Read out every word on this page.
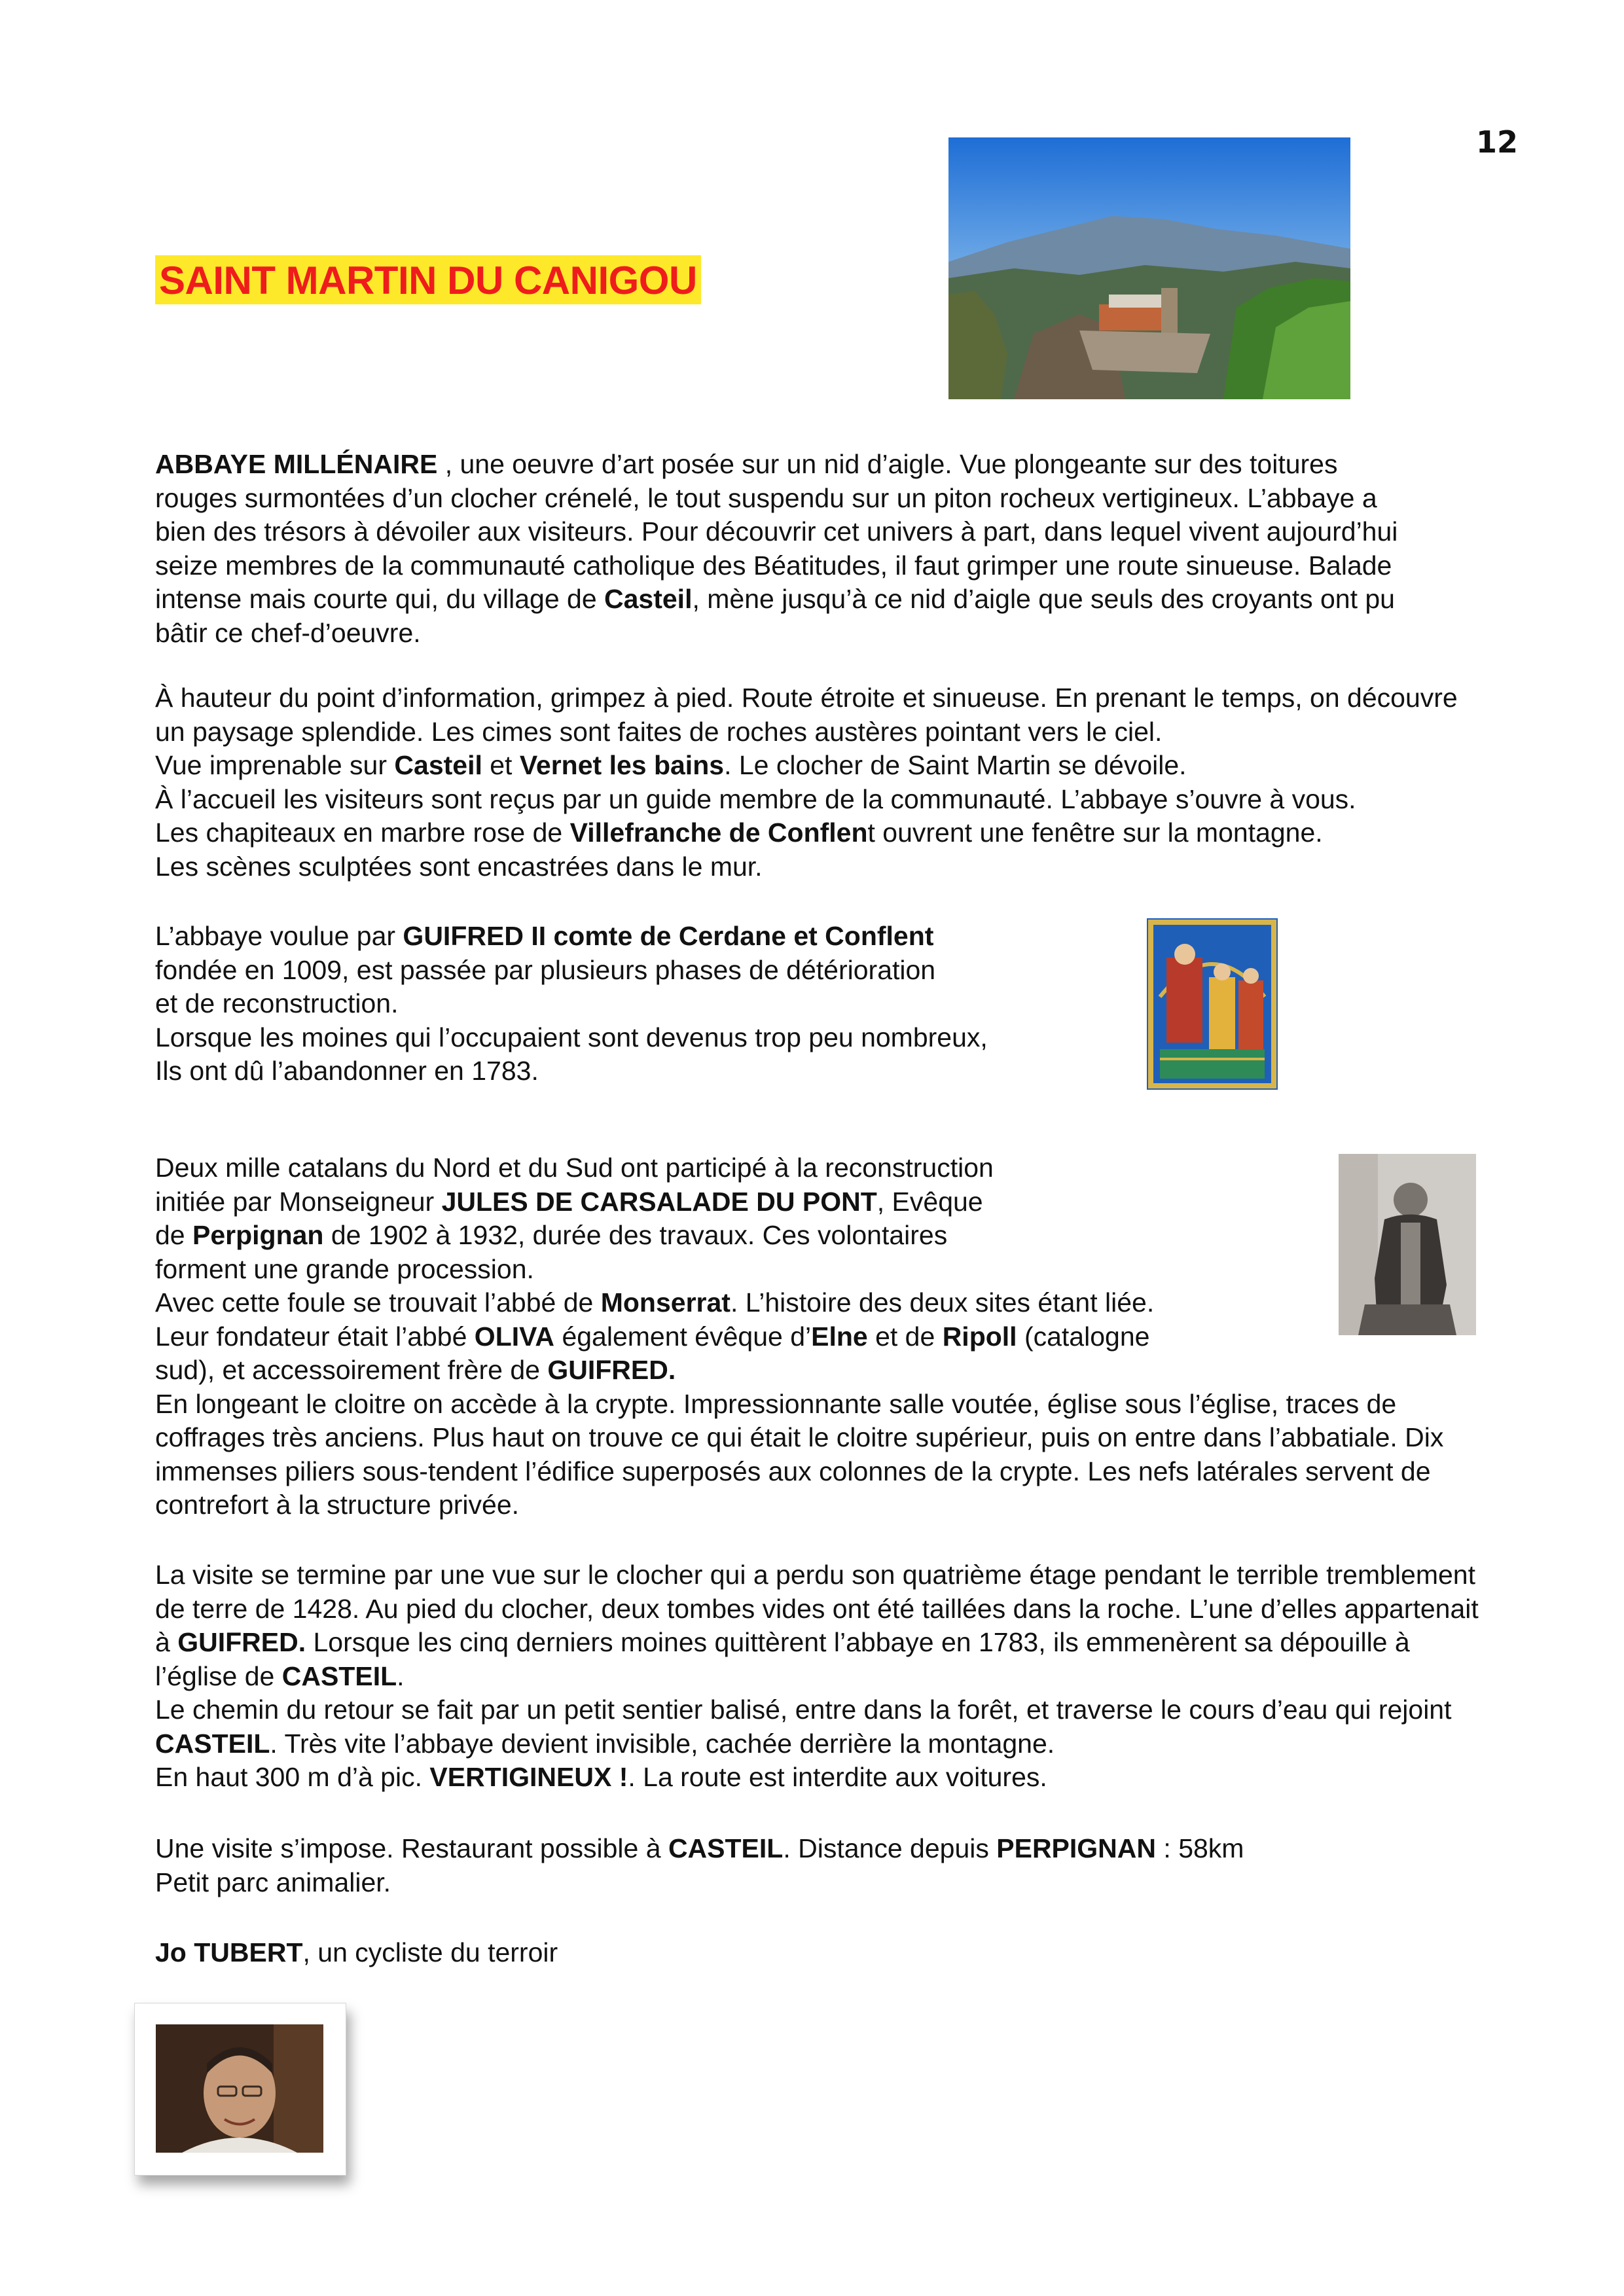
12
SAINT MARTIN DU CANIGOU
ABBAYE MILLÉNAIRE , une oeuvre d’art posée sur un nid d’aigle. Vue plongeante sur des toitures rouges surmontées d’un clocher crénelé, le tout suspendu sur un piton rocheux vertigineux. L’abbaye a bien des trésors à dévoiler aux visiteurs. Pour découvrir cet univers à part, dans lequel vivent aujourd’hui seize membres de la communauté catholique des Béatitudes, il faut grimper une route sinueuse. Balade intense mais courte qui, du village de Casteil, mène jusqu’à ce nid d’aigle que seuls des croyants ont pu bâtir ce chef-d’oeuvre.

À hauteur du point d’information, grimpez à pied. Route étroite et sinueuse. En prenant le temps, on découvre un paysage splendide. Les cimes sont faites de roches austères pointant vers le ciel.

Vue imprenable sur Casteil et Vernet les bains. Le clocher de Saint Martin se dévoile.

À l’accueil les visiteurs sont reçus par un guide membre de la communauté. L’abbaye s’ouvre à vous.

Les chapiteaux en marbre rose de Villefranche de Conflent ouvrent une fenêtre sur la montagne.

Les scènes sculptées sont encastrées dans le mur.

L’abbaye voulue par GUIFRED II comte de Cerdane et Conflent

fondée en 1009, est passée par plusieurs phases de détérioration

et de reconstruction.

Lorsque les moines qui l’occupaient sont devenus trop peu nombreux,

Ils ont dû l’abandonner en 1783.

Deux mille catalans du Nord et du Sud ont participé à la reconstruction

initiée par Monseigneur JULES DE CARSALADE DU PONT, Evêque

de Perpignan de 1902 à 1932, durée des travaux. Ces volontaires

forment une grande procession.

Avec cette foule se trouvait l’abbé de Monserrat. L’histoire des deux sites étant liée.

Leur fondateur était l’abbé OLIVA également évêque d’Elne et de Ripoll (catalogne

sud), et accessoirement frère de GUIFRED.

En longeant le cloitre on accède à la crypte. Impressionnante salle voutée, église sous l’église, traces de coffrages très anciens. Plus haut on trouve ce qui était le cloitre supérieur, puis on entre dans l’abbatiale. Dix immenses piliers sous-tendent l’édifice superposés aux colonnes de la crypte. Les nefs latérales servent de contrefort à la structure privée.

La visite se termine par une vue sur le clocher qui a perdu son quatrième étage pendant le terrible tremblement de terre de 1428. Au pied du clocher, deux tombes vides ont été taillées dans la roche. L’une d’elles appartenait à GUIFRED. Lorsque les cinq derniers moines quittèrent l’abbaye en 1783, ils emmenèrent sa dépouille à l’église de CASTEIL.

Le chemin du retour se fait par un petit sentier balisé, entre dans la forêt, et traverse le cours d’eau qui rejoint CASTEIL. Très vite l’abbaye devient invisible, cachée derrière la montagne.

En haut 300 m d’à pic. VERTIGINEUX !. La route est interdite aux voitures.

Une visite s’impose. Restaurant possible à CASTEIL. Distance depuis PERPIGNAN : 58km

Petit parc animalier.

Jo TUBERT, un cycliste du terroir
